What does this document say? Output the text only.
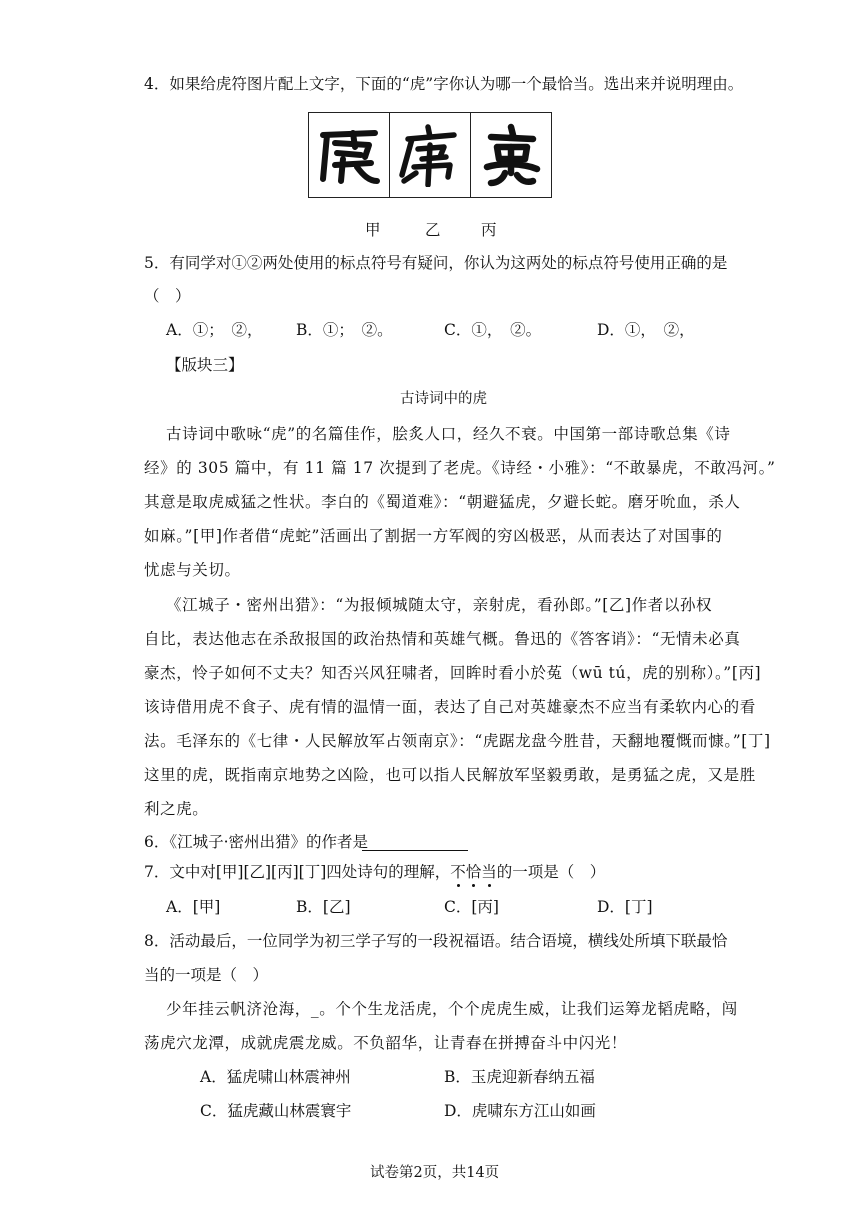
4．如果给虎符图片配上文字，下面的“虎”字你认为哪一个最恰当。选出来并说明理由。
甲	乙	丙
5．有同学对①②两处使用的标点符号有疑问，你认为这两处的标点符号使用正确的是
（　）
A．①；　②， B．①；　②。	C．①，　②。	D．①，　②，
【版块三】
古诗词中的虎
古诗词中歌咏“虎”的名篇佳作，脍炙人口，经久不衰。中国第一部诗歌总集《诗
经》的 305 篇中，有 11 篇 17 次提到了老虎。《诗经・小雅》：“不敢暴虎，不敢冯河。”
其意是取虎威猛之性状。李白的《蜀道难》：“朝避猛虎，夕避长蛇。磨牙吮血，杀人
如麻。”[甲]作者借“虎蛇”活画出了割据一方军阀的穷凶极恶，从而表达了对国事的
忧虑与关切。
《江城子・密州出猎》：“为报倾城随太守，亲射虎，看孙郎。”[乙]作者以孙权
自比，表达他志在杀敌报国的政治热情和英雄气概。鲁迅的《答客诮》：“无情未必真
豪杰，怜子如何不丈夫？知否兴风狂啸者，回眸时看小於菟（wū tú，虎的别称）。”[丙]
该诗借用虎不食子、虎有情的温情一面，表达了自己对英雄豪杰不应当有柔软内心的看
法。毛泽东的《七律・人民解放军占领南京》：“虎踞龙盘今胜昔，天翻地覆慨而慷。”[丁]
这里的虎，既指南京地势之凶险，也可以指人民解放军坚毅勇敢，是勇猛之虎，又是胜
利之虎。
6．《江城子·密州出猎》的作者是
7．文中对[甲][乙][丙][丁]四处诗句的理解，不恰当的一项是（　）
A．[甲]	B．[乙]	C．[丙]	D．[丁]
8．活动最后，一位同学为初三学子写的一段祝福语。结合语境，横线处所填下联最恰
当的一项是（　）
少年挂云帆济沧海，_。个个生龙活虎，个个虎虎生威，让我们运筹龙韬虎略，闯
荡虎穴龙潭，成就虎震龙威。不负韶华，让青春在拼搏奋斗中闪光！
A．猛虎啸山林震神州	B．玉虎迎新春纳五福
C．猛虎藏山林震寰宇	D．虎啸东方江山如画
试卷第2页，共14页
